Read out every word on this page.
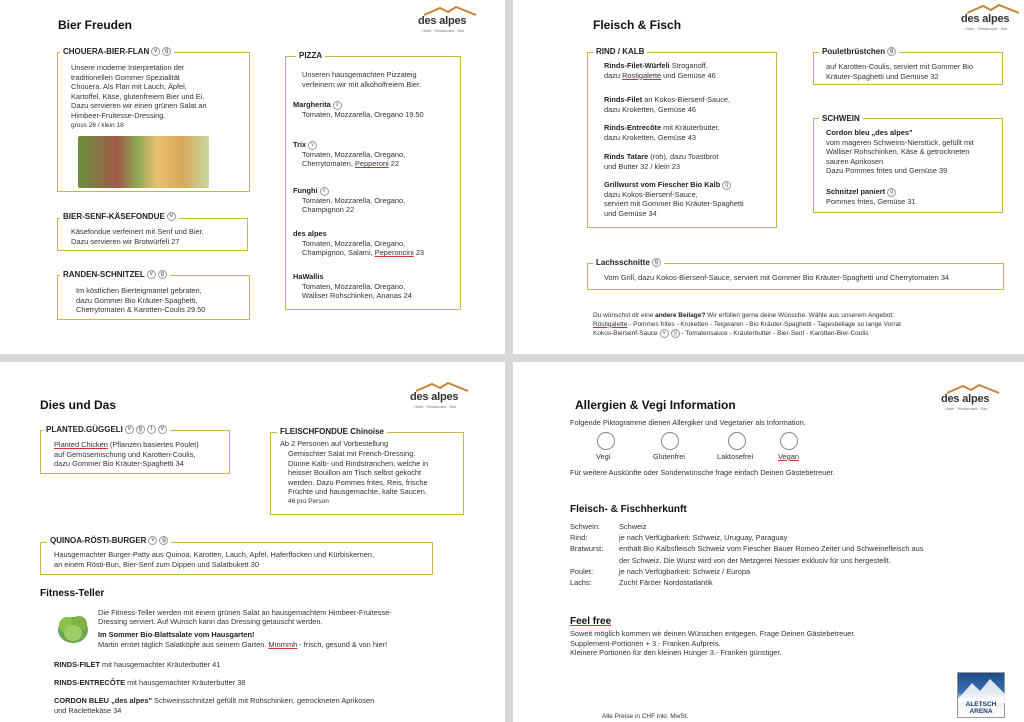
Bier Freuden	des alpes
Hotel · Restaurant · Bar
CHOUERA-BIER-FLAN v g
Unsere moderne Interpretation der
traditionellen Gommer Spezialität
Chouera. Als Flan mit Lauch, Äpfel,
Kartoffel, Käse, glutenfreiem Bier und Ei.
Dazu servieren wir einen grünen Salat an
Himbeer-Fruitesse-Dressing.
gross 26 / klein 18
BIER-SENF-KÄSEFONDUE v
Käsefondue verfeinert mit Senf und Bier.
Dazu servieren wir Brotwürfeli 27
RANDEN-SCHNITZEL v g
Im köstlichen Bierteigmantel gebraten,
dazu Gommer Bio Kräuter-Spaghetti,
Cherrytomaten & Karotten-Coulis 29.50
PIZZA
Unseren hausgemachten Pizzateig
verfeinern wir mit alkoholfreiem Bier.
Margherita v
Tomaten, Mozzarella, Oregano 19.50
Trix v
Tomaten, Mozzarella, Oregano,
Cherrytomaten, Pepperoni 22
Funghi v
Tomaten, Mozzarella, Oregano,
Champignon 22
des alpes
Tomaten, Mozzarella, Oregano,
Champignon, Salami, Peperoncini 23
HaWallis
Tomaten, Mozzarella, Oregano,
Walliser Rohschinken, Ananas 24
Fleisch & Fisch	des alpes
Hotel · Restaurant · Bar
RIND / KALB
Rinds-Filet-Würfeli Stroganoff,
dazu Rostigalette und Gemüse 46
Rinds-Filet an Kokos-Biersenf-Sauce,
dazu Kroketten, Gemüse 46
Rinds-Entrecôte mit Kräuterbutter,
dazu Kroketten, Gemüse 43
Rinds Tatare (roh), dazu Toastbrot
und Butter 32 / klein 23
Grillwurst vom Fiescher Bio Kalb g
dazu Kokos-Biersenf-Sauce,
serviert mit Gommer Bio Kräuter-Spaghetti
und Gemüse 34
Pouletbrüstchen g
auf Karotten-Coulis, serviert mit Gommer Bio
Kräuter-Spaghetti und Gemüse 32
SCHWEIN
Cordon bleu „des alpes"
vom mageren Schweins-Nierstück, gefüllt mit
Walliser Rohschinken, Käse & getrockneten
sauren Aprikosen
Dazu Pommes frites und Gemüse 39
Schnitzel paniert g
Pommes frites, Gemüse 31
Lachsschnitte g
Vom Grill, dazu Kokos-Biersenf-Sauce, serviert mit Gommer Bio Kräuter-Spaghetti und Cherrytomaten 34
Du wünschst dir eine andere Beilage? Wir erfüllen gerne deine Wünsche. Wähle aus unserem Angebot:
Röstigalette - Pommes frites - Kroketten - Teigwaren - Bio Kräuter-Spaghetti - Tagesbeilage so lange Vorrat
Kokos-Biersenf-Sauce v g - Tomatensauce - Kräuterbutter - Bier-Senf - Karotten-Bier-Coulis
Dies und Das
des alpes
Hotel · Restaurant · Bar
PLANTED.GÜGGELI v g l V
Planted Chicken (Pflanzen basiertes Poulet)
auf Gemüsemischung und Karotten-Coulis,
dazu Gommer Bio Kräuter-Spaghetti 34
FLEISCHFONDUE Chinoise
Ab 2 Personen auf Vorbestellung
Gemischter Salat mit French-Dressing.
Dünne Kalb- und Rindstranchen, welche in
heisser Bouillon am Tisch selbst gekocht
werden. Dazu Pommes frites, Reis, frische
Früchte und hausgemachte, kalte Saucen.
46 pro Person
QUINOA-RÖSTI-BURGER v g
Hausgemachter Burger-Patty aus Quinoa, Karotten, Lauch, Apfel, Haferflocken und Kürbiskernen,
an einem Rösti-Bun, Bier-Senf zum Dippen und Salatbukett 30
Fitness-Teller
Die Fitness-Teller werden mit einem grünen Salat an hausgemachtem Himbeer-Fruitesse-
Dressing serviert. Auf Wunsch kann das Dressing getauscht werden.
Im Sommer Bio-Blattsalate vom Hausgarten!
Martin erntet täglich Salatköpfe aus seinem Garten. Mmmmh - frisch, gesund & von hier!
RINDS-FILET mit hausgemachter Kräuterbutter 41
RINDS-ENTRECÔTE mit hausgemachter Kräuterbutter 38
CORDON BLEU „des alpes" Schweinsschnitzel gefüllt mit Rohschinken, getrockneten Aprikosen
und Raclettekäse 34
Allergien & Vegi Information	des alpes
Hotel · Restaurant · Bar
Folgende Piktogramme dienen Allergiker und Vegetarier als Information.
Vegi	Glutenfrei	Laktosefrei	Vegan
Für weitere Auskünfte oder Sonderwünsche frage einfach Deinen Gästebetreuer.
Fleisch- & Fischherkunft
Schwein:	Schweiz
Rind:	je nach Verfügbarkeit: Schweiz, Uruguay, Paraguay
Bratwurst: enthält Bio Kalbsfleisch Schweiz vom Fiescher Bauer Romeo Zeiter und Schweinefleisch aus
der Schweiz. Die Wurst wird von der Metzgerei Nessier exklusiv für uns hergestellt.
Poulet:	je nach Verfügbarkeit: Schweiz / Europa
Lachs:	Zucht Färöer Nordostatlantik
Feel free
Soweit möglich kommen wir deinen Wünschen entgegen. Frage Deinen Gästebetreuer.
Supplement-Portionen + 3.- Franken Aufpreis.
Kleinere Portionen für den kleinen Hunger 3.- Franken günstiger.
Alle Preise in CHF inkl. MwSt.
ALETSCH ARENA
